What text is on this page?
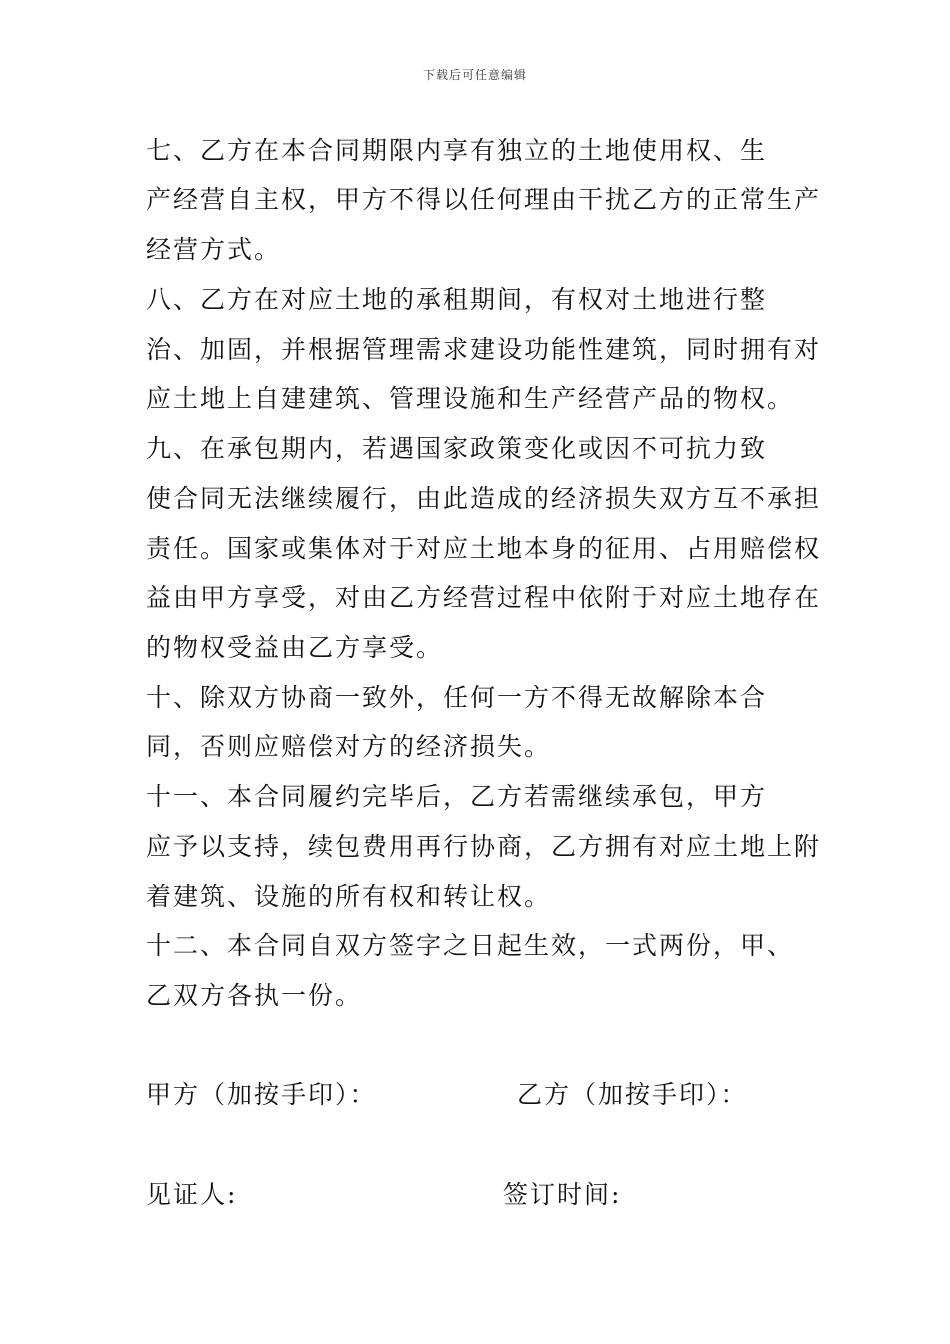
下载后可任意编辑
七、乙方在本合同期限内享有独立的土地使用权、生
产经营自主权，甲方不得以任何理由干扰乙方的正常生产
经营方式。
八、乙方在对应土地的承租期间，有权对土地进行整
治、加固，并根据管理需求建设功能性建筑，同时拥有对
应土地上自建建筑、管理设施和生产经营产品的物权。
九、在承包期内，若遇国家政策变化或因不可抗力致
使合同无法继续履行，由此造成的经济损失双方互不承担
责任。国家或集体对于对应土地本身的征用、占用赔偿权
益由甲方享受，对由乙方经营过程中依附于对应土地存在
的物权受益由乙方享受。
十、除双方协商一致外，任何一方不得无故解除本合
同，否则应赔偿对方的经济损失。
十一、本合同履约完毕后，乙方若需继续承包，甲方
应予以支持，续包费用再行协商，乙方拥有对应土地上附
着建筑、设施的所有权和转让权。
十二、本合同自双方签字之日起生效，一式两份，甲、
乙双方各执一份。
甲方（加按手印）：	乙方（加按手印）：
见证人:	签订时间:
